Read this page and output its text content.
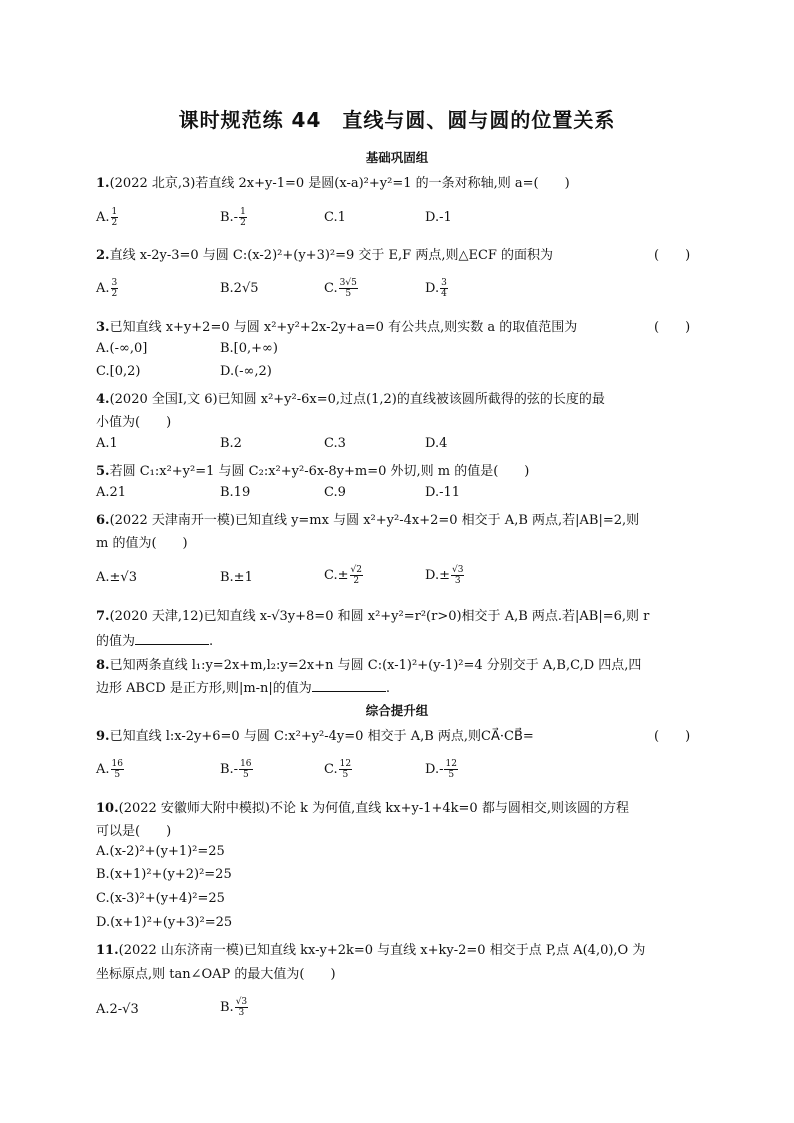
课时规范练 44　直线与圆、圆与圆的位置关系
基础巩固组
1.(2022 北京,3)若直线 2x+y-1=0 是圆(x-a)²+y²=1 的一条对称轴,则 a=(　　)
A. $\frac{1}{2}$	$B.- \frac{1}{2}$	C.1	D.-1
2.直线 x-2y-3=0 与圆 C:(x-2)²+(y+3)²=9 交于 E,F 两点,则△ECF 的面积为	(　　)
A. $\frac{3}{2}$	B.2√5	C. $\frac{3√5}{5}$	D. $\frac{3}{4}$
3.已知直线 x+y+2=0 与圆 x²+y²+2x-2y+a=0 有公共点,则实数 a 的取值范围为	(　　)
A.(-∞,0]	B.[0,+∞)
C.[0,2)	D.(-∞,2)
4.(2020 全国Ⅰ,文 6)已知圆 x²+y²-6x=0,过点(1,2)的直线被该圆所截得的弦的长度的最
小值为(　　)
A.1	B.2	C.3	D.4
5.若圆 C₁:x²+y²=1 与圆 C₂:x²+y²-6x-8y+m=0 外切,则 m 的值是(　　)
A.21	B.19	C.9	D.-11
6.(2022 天津南开一模)已知直线 y=mx 与圆 x²+y²-4x+2=0 相交于 A,B 两点,若|AB|=2,则
m 的值为(　　)
A.±√3	B.±1	$C.\pm \frac{√2}{2}$	$D.\pm \frac{√3}{3}$
7.(2020 天津,12)已知直线 x-√3y+8=0 和圆 x²+y²=r²(r>0)相交于 A,B 两点.若|AB|=6,则 r
的值为	.
8.已知两条直线 l₁:y=2x+m,l₂:y=2x+n 与圆 C:(x-1)²+(y-1)²=4 分别交于 A,B,C,D 四点,四
边形 ABCD 是正方形,则|m-n|的值为	.
综合提升组
9.已知直线 l:x-2y+6=0 与圆 C:x²+y²-4y=0 相交于 A,B 两点,则CA⃗·CB⃗=	(　　)
A. $\frac{16}{5}$	$B.- \frac{16}{5}$	C. $\frac{12}{5}$	$D.- \frac{12}{5}$
10.(2022 安徽师大附中模拟)不论 k 为何值,直线 kx+y-1+4k=0 都与圆相交,则该圆的方程
可以是(　　)
A.(x-2)²+(y+1)²=25
B.(x+1)²+(y+2)²=25
C.(x-3)²+(y+4)²=25
D.(x+1)²+(y+3)²=25
11.(2022 山东济南一模)已知直线 kx-y+2k=0 与直线 x+ky-2=0 相交于点 P,点 A(4,0),O 为
坐标原点,则 tan∠OAP 的最大值为(　　)
A.2-√3	B. $\frac{√3}{3}$
